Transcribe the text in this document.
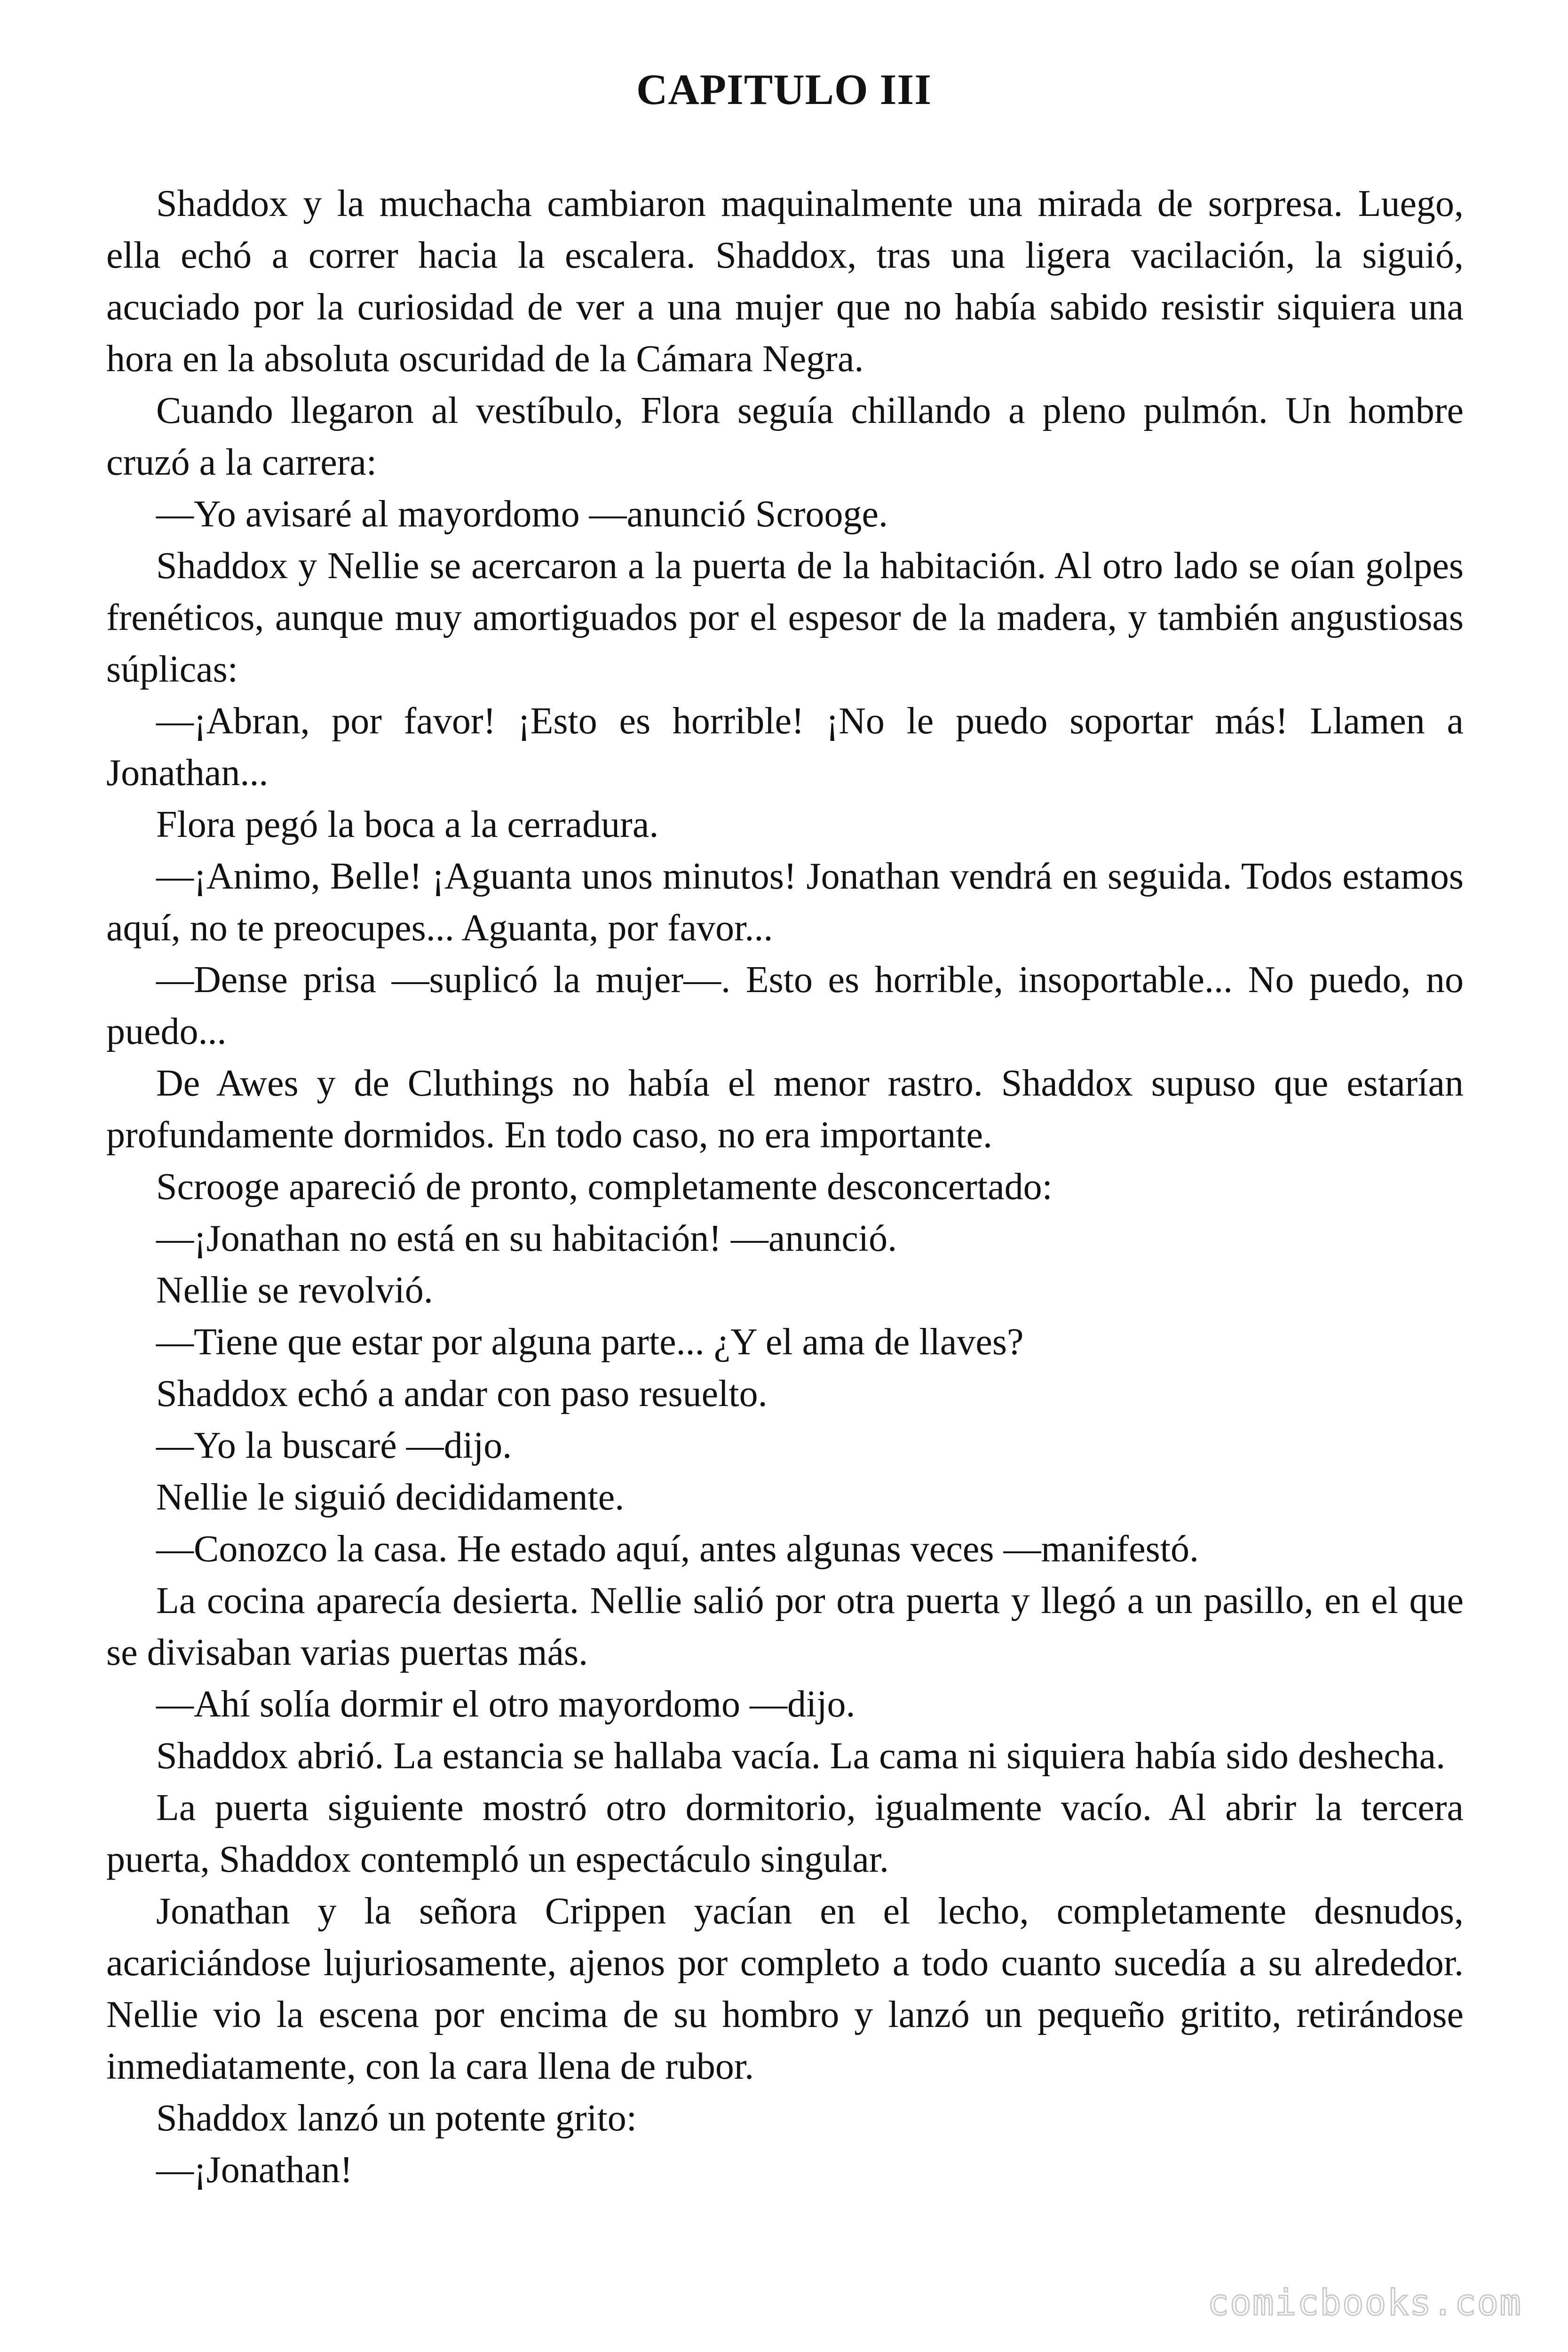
CAPITULO III

Shaddox y la muchacha cambiaron maquinalmente una mirada de sorpresa. Luego, ella echó a correr hacia la escalera. Shaddox, tras una ligera vacilación, la siguió, acuciado por la curiosidad de ver a una mujer que no había sabido resistir siquiera una hora en la absoluta oscuridad de la Cámara Negra.

Cuando llegaron al vestíbulo, Flora seguía chillando a pleno pulmón. Un hombre cruzó a la carrera:

—Yo avisaré al mayordomo —anunció Scrooge.

Shaddox y Nellie se acercaron a la puerta de la habitación. Al otro lado se oían golpes frenéticos, aunque muy amortiguados por el espesor de la madera, y también angustiosas súplicas:

—¡Abran, por favor! ¡Esto es horrible! ¡No le puedo soportar más! Llamen a Jonathan...

Flora pegó la boca a la cerradura.

—¡Animo, Belle! ¡Aguanta unos minutos! Jonathan vendrá en seguida. Todos estamos aquí, no te preocupes... Aguanta, por favor...

—Dense prisa —suplicó la mujer—. Esto es horrible, insoportable... No puedo, no puedo...

De Awes y de Cluthings no había el menor rastro. Shaddox supuso que estarían profundamente dormidos. En todo caso, no era importante.

Scrooge apareció de pronto, completamente desconcertado:

—¡Jonathan no está en su habitación! —anunció.

Nellie se revolvió.

—Tiene que estar por alguna parte... ¿Y el ama de llaves?

Shaddox echó a andar con paso resuelto.

—Yo la buscaré —dijo.

Nellie le siguió decididamente.

—Conozco la casa. He estado aquí, antes algunas veces —manifestó.

La cocina aparecía desierta. Nellie salió por otra puerta y llegó a un pasillo, en el que se divisaban varias puertas más.

—Ahí solía dormir el otro mayordomo —dijo.

Shaddox abrió. La estancia se hallaba vacía. La cama ni siquiera había sido deshecha.

La puerta siguiente mostró otro dormitorio, igualmente vacío. Al abrir la tercera puerta, Shaddox contempló un espectáculo singular.

Jonathan y la señora Crippen yacían en el lecho, completamente desnudos, acariciándose lujuriosamente, ajenos por completo a todo cuanto sucedía a su alrededor. Nellie vio la escena por encima de su hombro y lanzó un pequeño gritito, retirándose inmediatamente, con la cara llena de rubor.

Shaddox lanzó un potente grito:

—¡Jonathan!

comicbooks.com
